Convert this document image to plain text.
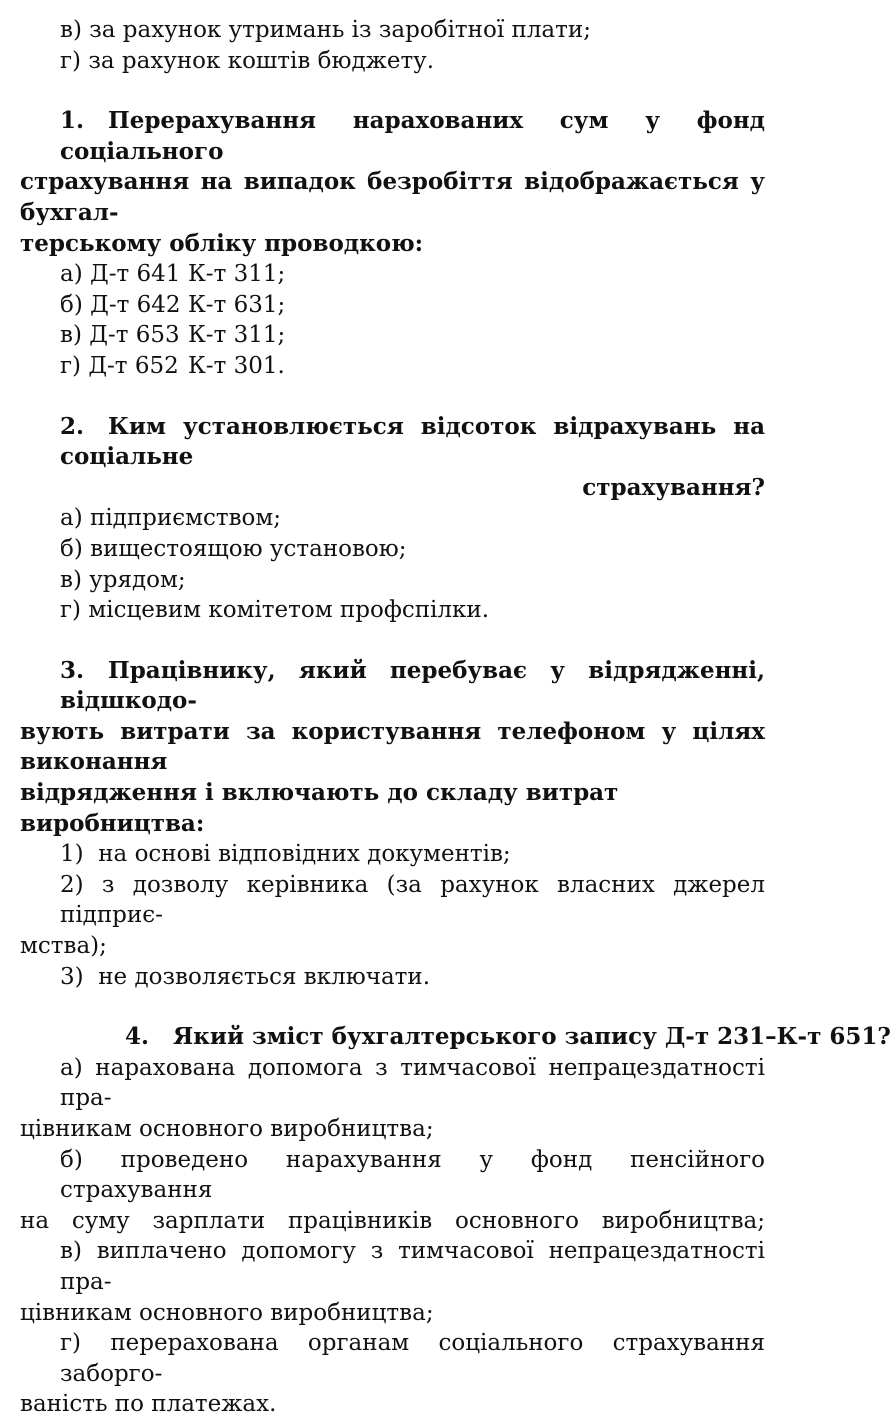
в) за рахунок утримань із заробітної плати;
г) за рахунок коштів бюджету.
1. Перерахування нарахованих сум у фонд соціального
страхування на випадок безробіття відображається у бухгал-
терському обліку проводкою:
а) Д-т 641 К-т 311;
б) Д-т 642 К-т 631;
в) Д-т 653 К-т 311;
г) Д-т 652 К-т 301.
2. Ким установлюється відсоток відрахувань на соціальне
страхування?
а) підприємством;
б) вищестоящою установою;
в) урядом;
г) місцевим комітетом профспілки.
3. Працівнику, який перебуває у відрядженні, відшкодо-
вують витрати за користування телефоном у цілях виконання
відрядження і включають до складу витрат виробництва:
1)  на основі відповідних документів;
2) з дозволу керівника (за рахунок власних джерел підприє-
мства);
3)  не дозволяється включати.
4. Який зміст бухгалтерського запису Д-т 231–К-т 651?
а) нарахована допомога з тимчасової непрацездатності пра-
цівникам основного виробництва;
б) проведено нарахування у фонд пенсійного страхування
на суму зарплати працівників основного виробництва;
в) виплачено допомогу з тимчасової непрацездатності пра-
цівникам основного виробництва;
г) перерахована органам соціального страхування заборго-
ваність по платежах.
